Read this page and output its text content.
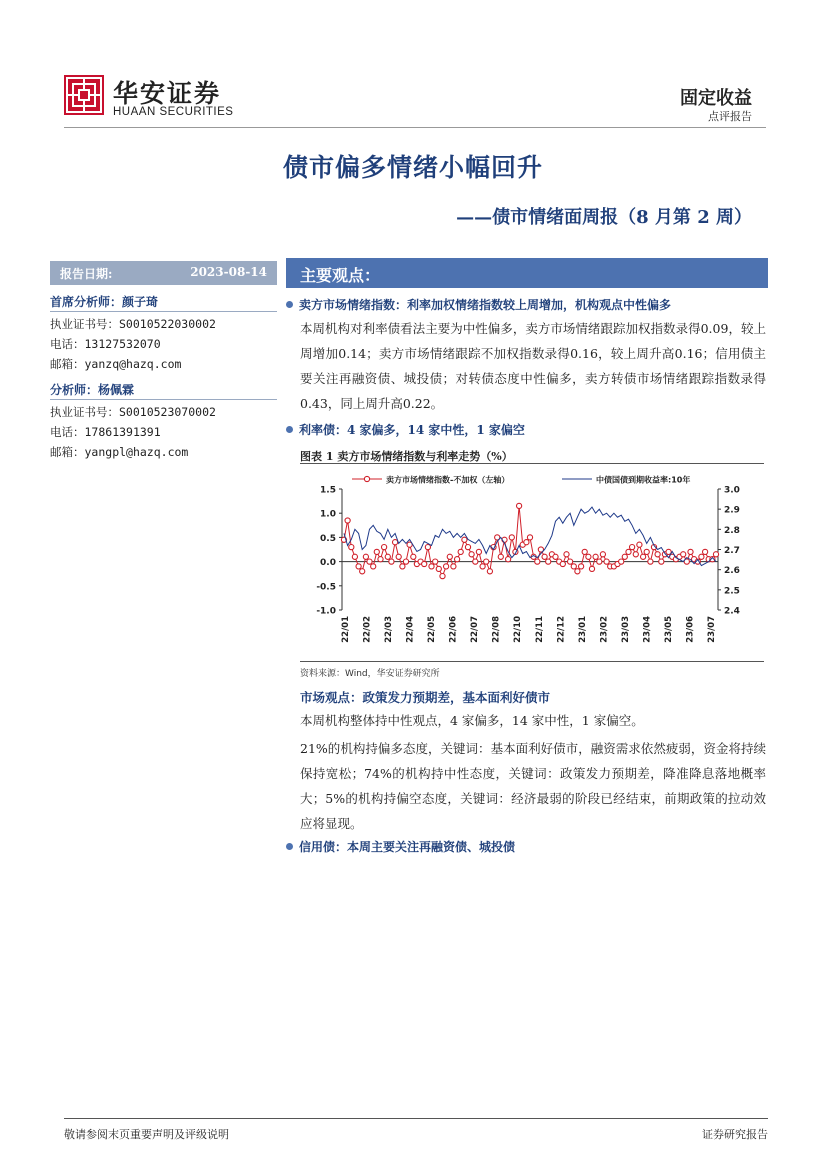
华安证券
HUAAN SECURITIES
固定收益
点评报告
债市偏多情绪小幅回升
——债市情绪面周报（8 月第 2 周）
报告日期:	2023-08-14
首席分析师：颜子琦
执业证书号：S0010522030002
电话：13127532070
邮箱：yanzq@hazq.com
分析师：杨佩霖
执业证书号：S0010523070002
电话：17861391391
邮箱：yangpl@hazq.com
主要观点：
卖方市场情绪指数：利率加权情绪指数较上周增加，机构观点中性偏多
本周机构对利率债看法主要为中性偏多，卖方市场情绪跟踪加权指数录得0.09，较上周增加0.14；卖方市场情绪跟踪不加权指数录得0.16，较上周升高0.16；信用债主要关注再融资债、城投债；对转债态度中性偏多，卖方转债市场情绪跟踪指数录得0.43，同上周升高0.22。
利率债：4 家偏多，14 家中性，1 家偏空
图表 1 卖方市场情绪指数与利率走势（%）
1.5
1.0
0.5
0.0
-0.5
-1.0
3.0
2.9
2.8
2.7
2.6
2.5
2.4
22/01 22/02 22/03 22/04 22/05 22/06 22/07 22/08 22/10 22/11 22/12 23/01 23/02 23/03 23/04 23/05 23/06 23/07
卖方市场情绪指数-不加权（左轴）	中债国债到期收益率:10年
资料来源：Wind，华安证券研究所
市场观点：政策发力预期差，基本面利好债市
本周机构整体持中性观点，4 家偏多，14 家中性，1 家偏空。
21%的机构持偏多态度，关键词：基本面利好债市，融资需求依然疲弱，资金将持续保持宽松；74%的机构持中性态度，关键词：政策发力预期差，降准降息落地概率大；5%的机构持偏空态度，关键词：经济最弱的阶段已经结束，前期政策的拉动效应将显现。
信用债：本周主要关注再融资债、城投债
敬请参阅末页重要声明及评级说明	证券研究报告
